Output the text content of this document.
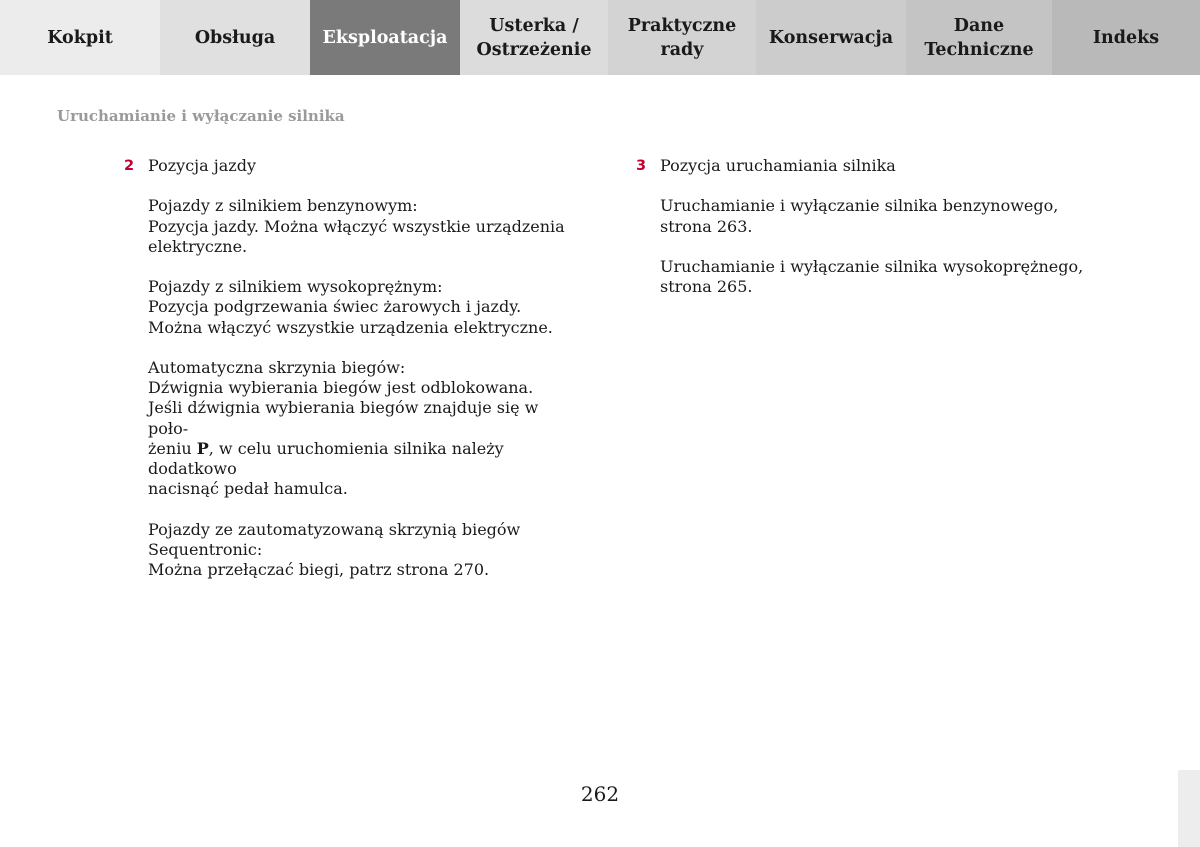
Kokpit	Obsługa	Eksploatacja
Usterka /
Ostrzeżenie
Praktyczne
rady
Konserwacja
Dane
Techniczne
Indeks
Uruchamianie i wyłączanie silnika
2 Pozycja jazdy
Pojazdy z silnikiem benzynowym:
Pozycja jazdy. Można włączyć wszystkie urządzenia
elektryczne.
Pojazdy z silnikiem wysokoprężnym:
Pozycja podgrzewania świec żarowych i jazdy.
Można włączyć wszystkie urządzenia elektryczne.
Automatyczna skrzynia biegów:
Dźwignia wybierania biegów jest odblokowana.
Jeśli dźwignia wybierania biegów znajduje się w poło-
żeniu P, w celu uruchomienia silnika należy dodatkowo
nacisnąć pedał hamulca.
Pojazdy ze zautomatyzowaną skrzynią biegów
Sequentronic:
Można przełączać biegi, patrz strona 270.
3 Pozycja uruchamiania silnika
Uruchamianie i wyłączanie silnika benzynowego,
strona 263.
Uruchamianie i wyłączanie silnika wysokoprężnego,
strona 265.
262
